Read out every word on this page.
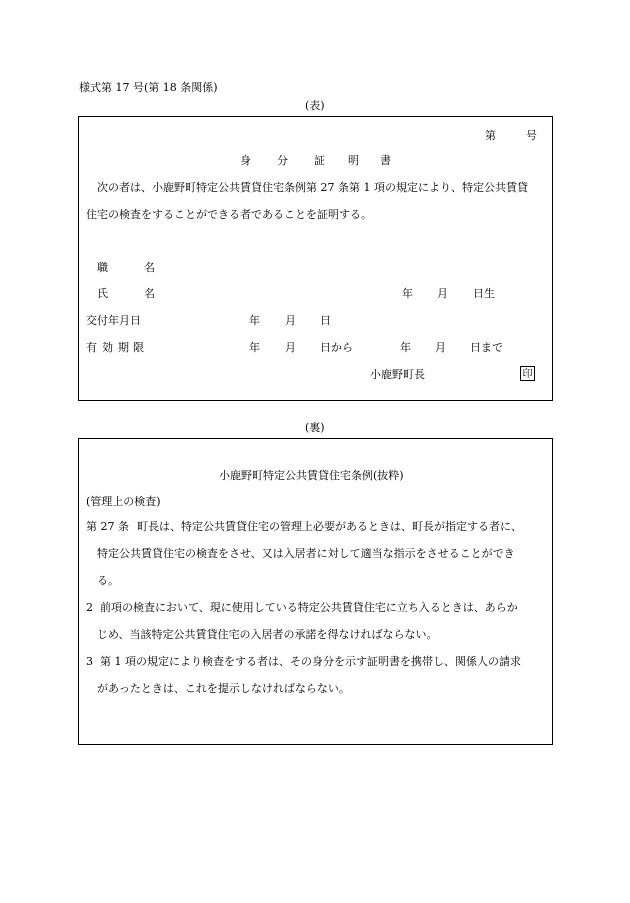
様式第 17 号(第 18 条関係)
(表)
第	号
身 分 証 明 書
次の者は、小鹿野町特定公共賃貸住宅条例第 27 条第 1 項の規定により、特定公共賃貸
住宅の検査をすることができる者であることを証明する。
職	名
氏	名	年 月 日生
交付年月日	年 月 日
有 効 期 限	年 月 日から	年 月 日まで
小鹿野町長	印
(裏)
小鹿野町特定公共賃貸住宅条例(抜粋)
(管理上の検査)
第 27 条 町長は、特定公共賃貸住宅の管理上必要があるときは、町長が指定する者に、
特定公共賃貸住宅の検査をさせ、又は入居者に対して適当な指示をさせることができ
る。
2 前項の検査において、現に使用している特定公共賃貸住宅に立ち入るときは、あらか
じめ、当該特定公共賃貸住宅の入居者の承諾を得なければならない。
3 第 1 項の規定により検査をする者は、その身分を示す証明書を携帯し、関係人の請求
があったときは、これを提示しなければならない。
